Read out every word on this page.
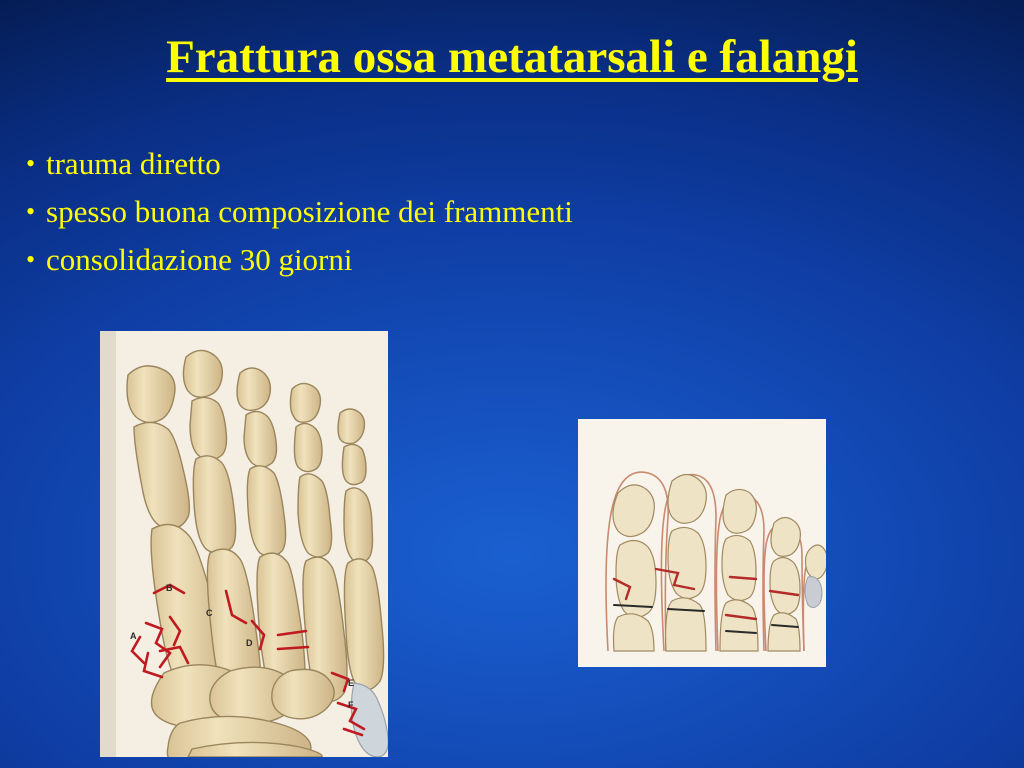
Frattura ossa metatarsali e falangi
• trauma diretto
• spesso buona composizione dei frammenti
• consolidazione 30 giorni
A
B
C
D
E
F
